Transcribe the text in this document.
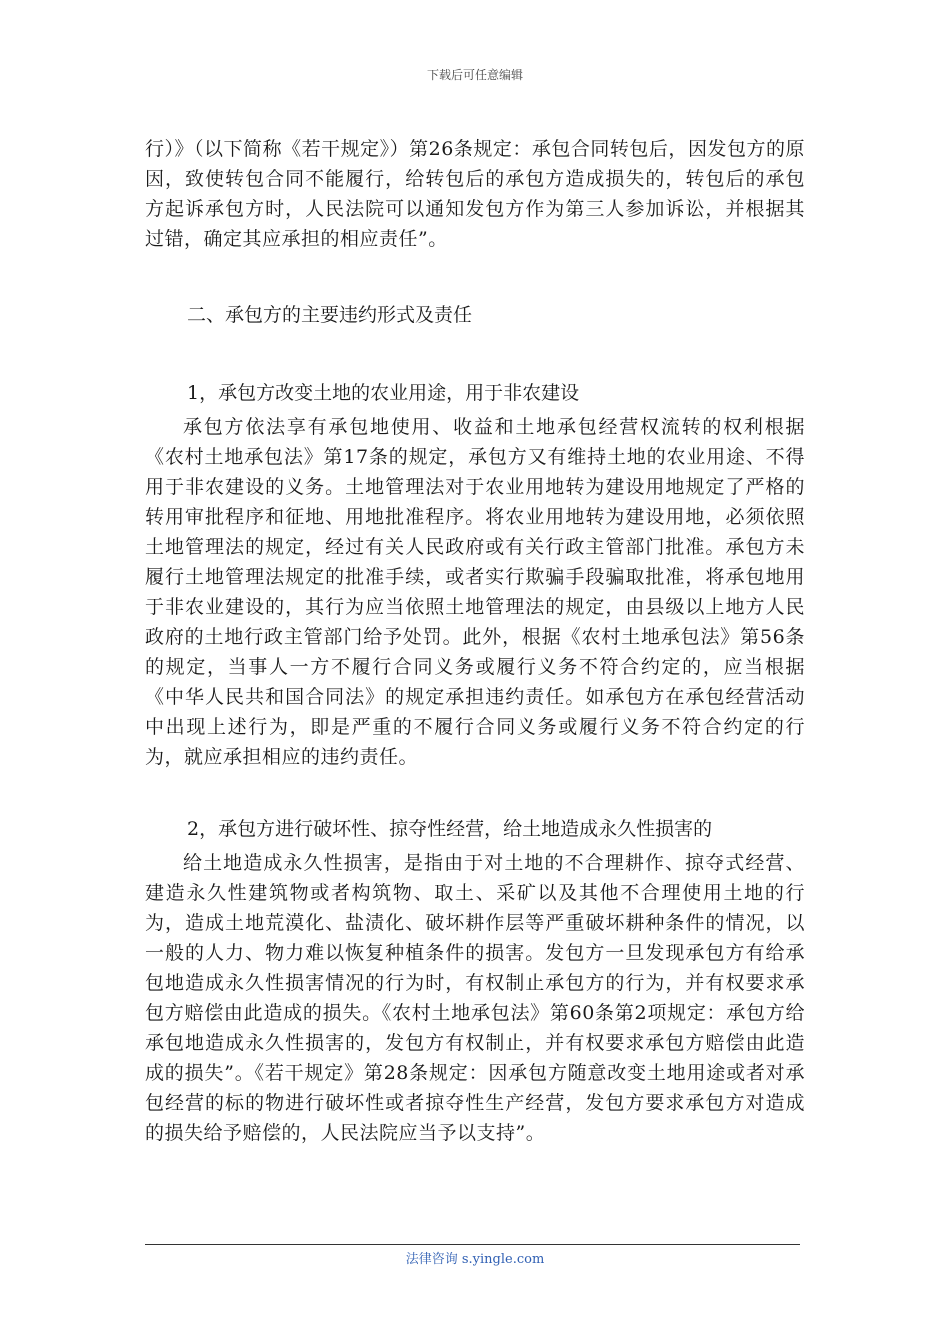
下载后可任意编辑

行）》（以下简称《若干规定》）第26条规定：承包合同转包后，因发包方的原因，致使转包合同不能履行，给转包后的承包方造成损失的，转包后的承包方起诉承包方时，人民法院可以通知发包方作为第三人参加诉讼，并根据其过错，确定其应承担的相应责任”。

二、承包方的主要违约形式及责任

1，承包方改变土地的农业用途，用于非农建设

承包方依法享有承包地使用、收益和土地承包经营权流转的权利根据《农村土地承包法》第17条的规定，承包方又有维持土地的农业用途、不得用于非农建设的义务。土地管理法对于农业用地转为建设用地规定了严格的转用审批程序和征地、用地批准程序。将农业用地转为建设用地，必须依照土地管理法的规定，经过有关人民政府或有关行政主管部门批准。承包方未履行土地管理法规定的批准手续，或者实行欺骗手段骗取批准，将承包地用于非农业建设的，其行为应当依照土地管理法的规定，由县级以上地方人民政府的土地行政主管部门给予处罚。此外，根据《农村土地承包法》第56条的规定，当事人一方不履行合同义务或履行义务不符合约定的，应当根据《中华人民共和国合同法》的规定承担违约责任。如承包方在承包经营活动中出现上述行为，即是严重的不履行合同义务或履行义务不符合约定的行为，就应承担相应的违约责任。

2，承包方进行破坏性、掠夺性经营，给土地造成永久性损害的

给土地造成永久性损害，是指由于对土地的不合理耕作、掠夺式经营、建造永久性建筑物或者构筑物、取土、采矿以及其他不合理使用土地的行为，造成土地荒漠化、盐渍化、破坏耕作层等严重破坏耕种条件的情况，以一般的人力、物力难以恢复种植条件的损害。发包方一旦发现承包方有给承包地造成永久性损害情况的行为时，有权制止承包方的行为，并有权要求承包方赔偿由此造成的损失。《农村土地承包法》第60条第2项规定：承包方给承包地造成永久性损害的，发包方有权制止，并有权要求承包方赔偿由此造成的损失”。《若干规定》第28条规定：因承包方随意改变土地用途或者对承包经营的标的物进行破坏性或者掠夺性生产经营，发包方要求承包方对造成的损失给予赔偿的，人民法院应当予以支持”。

法律咨询 s.yingle.com
